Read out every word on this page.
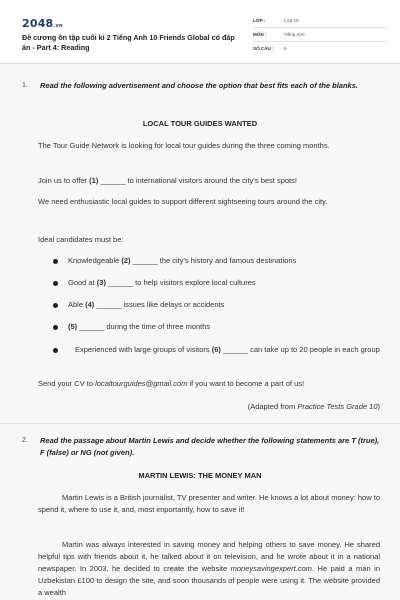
2048.vn
Đề cương ôn tập cuối kì 2 Tiếng Anh 10 Friends Global có đáp án - Part 4: Reading
LỚP :	Lớp 10
MÔN :	Tiếng Anh
SỐ CÂU : 6
1. Read the following advertisement and choose the option that best fits each of the blanks.
LOCAL TOUR GUIDES WANTED
The Tour Guide Network is looking for local tour guides during the three coming months.
Join us to offer (1) ______ to international visitors around the city's best spots!
We need enthusiastic local guides to support different sightseeing tours around the city.
Ideal candidates must be:
Knowledgeable (2) ______ the city's history and famous destinations
Good at (3) ______ to help visitors explore local cultures
Able (4) ______ issues like delays or accidents
(5) ______ during the time of three months
Experienced with large groups of visitors (6) ______ can take up to 20 people in each group
Send your CV to localtourguides@gmail.com if you want to become a part of us!
(Adapted from Practice Tests Grade 10)
2. Read the passage about Martin Lewis and decide whether the following statements are T (true), F (false) or NG (not given).
MARTIN LEWIS: THE MONEY MAN
Martin Lewis is a British journalist, TV presenter and writer. He knows a lot about money: how to spend it, where to use it, and, most importantly, how to save it!
Martin was always interested in saving money and helping others to save money. He shared helpful tips with friends about it, he talked about it on television, and he wrote about it in a national newspaper. In 2003, he decided to create the website moneysavingexpert.com. He paid a man in Uzbekistan £100 to design the site, and soon thousands of people were using it. The website provided a wealth
